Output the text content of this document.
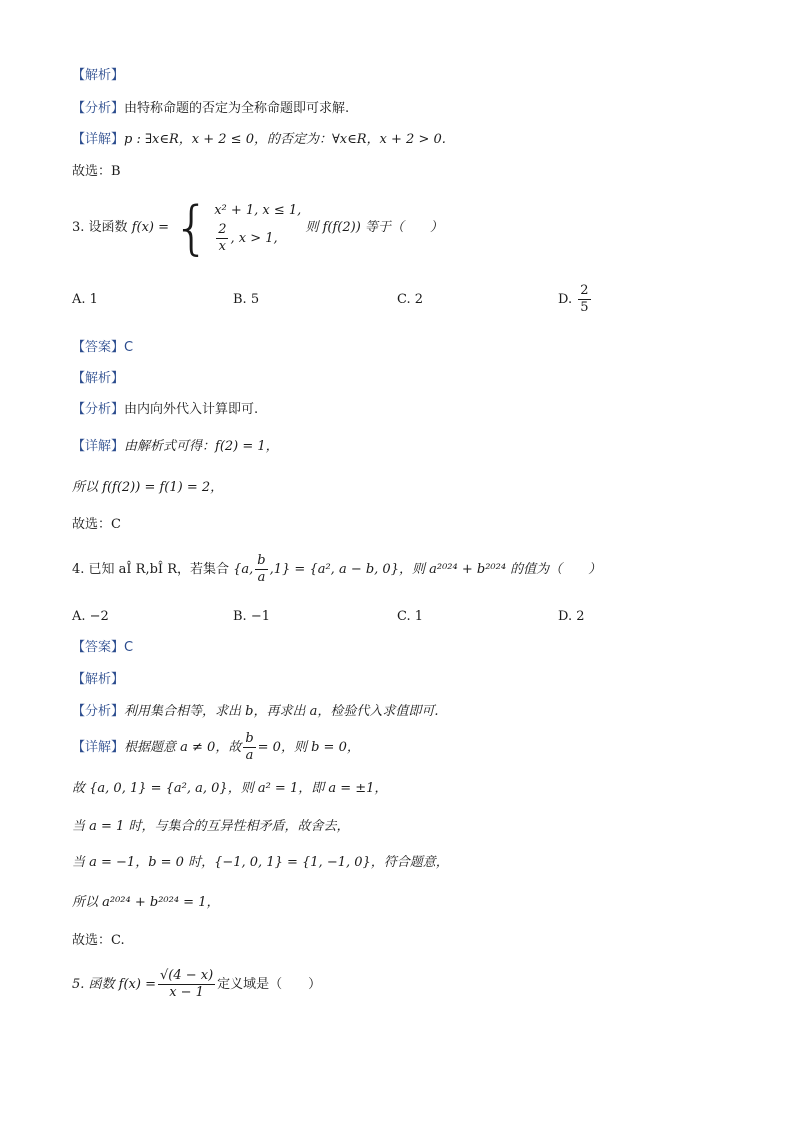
【解析】
【分析】由特称命题的否定为全称命题即可求解.
【详解】p : ∃x∈R，x + 2 ≤ 0，的否定为：∀x∈R，x + 2 > 0.
故选：B
3. 设函数 f(x) = { x² + 1, x ≤ 1,
$\frac{2}{x}$ , x > 1,
则 f(f(2)) 等于（　　）
A. 1	B. 5	C. 2	D. $\frac{2}{5}$
【答案】C
【解析】
【分析】由内向外代入计算即可.
【详解】由解析式可得：f(2) = 1，
所以 f(f(2)) = f(1) = 2，
故选：C
4. 已知 aÎ R,bÎ R，若集合 {a, $\frac{b}{a} ,1\} = \{a^2$, a − b, 0}，则 a²⁰²⁴ + b²⁰²⁴ 的值为（　　）
A. −2	B. −1	C. 1	D. 2
【答案】C
【解析】
【分析】利用集合相等，求出 b，再求出 a，检验代入求值即可.
【详解】根据题意 a ≠ 0，故 $\frac{b}{a} = 0$，则 b = 0，
故 {a, 0, 1} = {a², a, 0}，则 a² = 1，即 a = ±1，
当 a = 1 时，与集合的互异性相矛盾，故舍去，
当 a = −1，b = 0 时，{−1, 0, 1} = {1, −1, 0}，符合题意，
所以 a²⁰²⁴ + b²⁰²⁴ = 1，
故选：C.
5. 函数 $f(x) = \frac{√(4 - x)}{x - 1}$ 定义域是（　　）
